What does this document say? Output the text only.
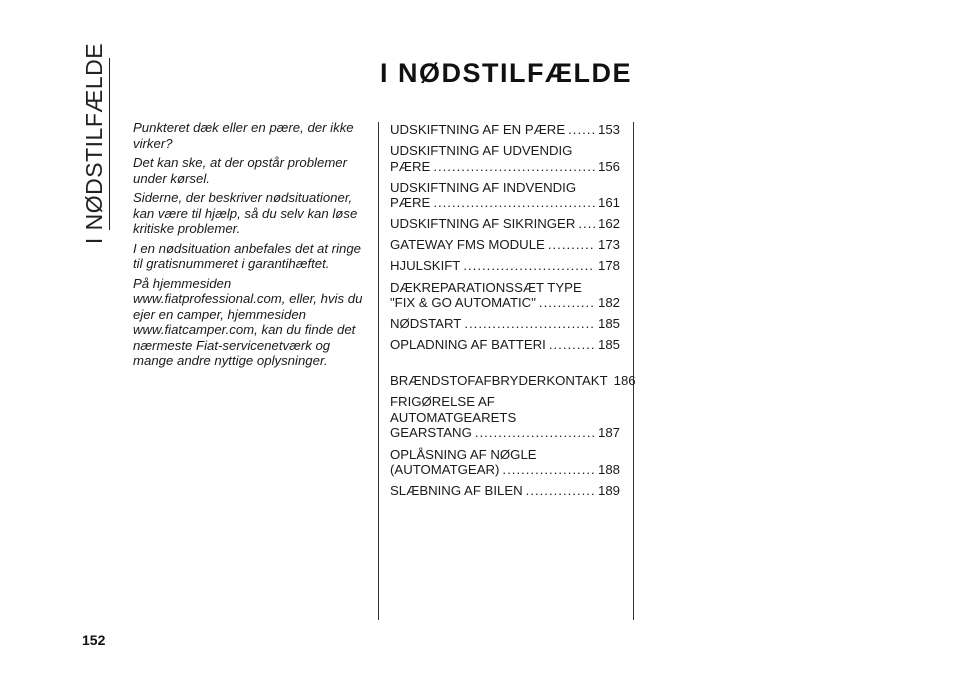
I NØDSTILFÆLDE	I NØDSTILFÆLDE

Punkteret dæk eller en pære, der ikke virker?

Det kan ske, at der opstår problemer under kørsel.

Siderne, der beskriver nødsituationer, kan være til hjælp, så du selv kan løse kritiske problemer.

I en nødsituation anbefales det at ringe til gratisnummeret i garantihæftet.

På hjemmesiden www.fiatprofessional.com, eller, hvis du ejer en camper, hjemmesiden www.fiatcamper.com, kan du finde det nærmeste Fiat-servicenetværk og mange andre nyttige oplysninger.

UDSKIFTNING AF EN PÆRE ..... 153
UDSKIFTNING AF UDVENDIG
PÆRE .....	156
UDSKIFTNING AF INDVENDIG
PÆRE .....	161
UDSKIFTNING AF SIKRINGER ..... 162
GATEWAY FMS MODULE .....	173
HJULSKIFT .....	178
DÆKREPARATIONSSÆT TYPE
"FIX & GO AUTOMATIC" .....	182
NØDSTART .....	185
OPLADNING AF BATTERI .....	185
BRÆNDSTOFAFBRYDERKONTAKT 186
FRIGØRELSE AF
AUTOMATGEARETS
GEARSTANG .....	187
OPLÅSNING AF NØGLE
(AUTOMATGEAR) .....	188
SLÆBNING AF BILEN .....	189
152
